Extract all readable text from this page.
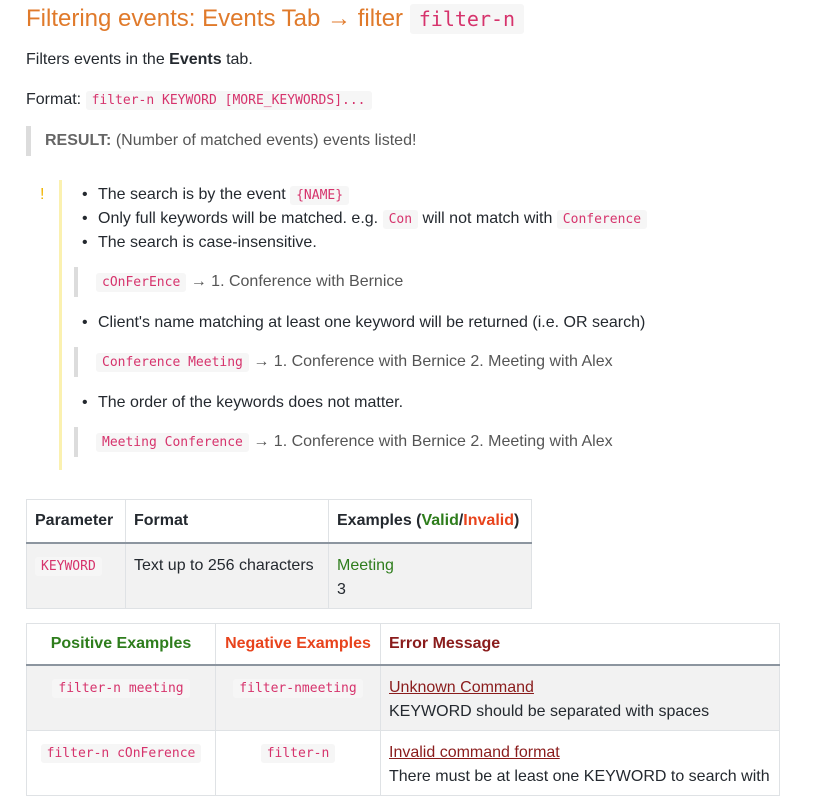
Filtering events: Events Tab → filter filter-n
Filters events in the Events tab.
Format: filter-n KEYWORD [MORE_KEYWORDS]...
RESULT: (Number of matched events) events listed!
!	• The search is by the event {NAME}
• Only full keywords will be matched. e.g. Con will not match with Conference
• The search is case-insensitive.
cOnFerEnce → 1. Conference with Bernice
• Client's name matching at least one keyword will be returned (i.e. OR search)
Conference Meeting → 1. Conference with Bernice 2. Meeting with Alex
• The order of the keywords does not matter.
Meeting Conference → 1. Conference with Bernice 2. Meeting with Alex
Parameter	Format	Examples (Valid/Invalid)
KEYWORD	Text up to 256 characters	Meeting
3
Positive Examples	Negative Examples	Error Message
filter-n meeting	filter-nmeeting	Unknown Command
KEYWORD should be separated with spaces

filter-n cOnFerence	filter-n	Invalid command format
There must be at least one KEYWORD to search with
